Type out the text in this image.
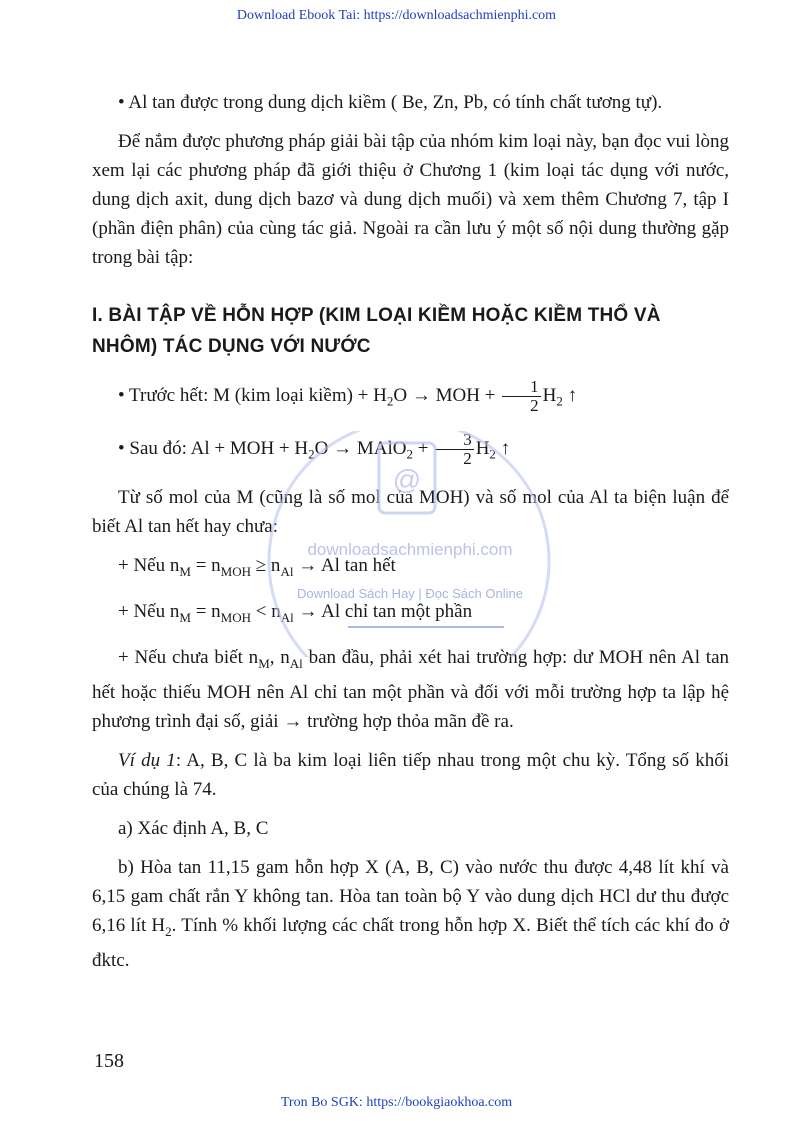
Download Ebook Tai: https://downloadsachmienphi.com

• Al tan được trong dung dịch kiềm ( Be, Zn, Pb, có tính chất tương tự).

Để nắm được phương pháp giải bài tập của nhóm kim loại này, bạn đọc vui lòng xem lại các phương pháp đã giới thiệu ở Chương 1 (kim loại tác dụng với nước, dung dịch axit, dung dịch bazơ và dung dịch muối) và xem thêm Chương 7, tập I (phần điện phân) của cùng tác giả. Ngoài ra cần lưu ý một số nội dung thường gặp trong bài tập:

I. BÀI TẬP VỀ HỖN HỢP (KIM LOẠI KIỀM HOẶC KIỀM THỔ VÀ NHÔM) TÁC DỤNG VỚI NƯỚC

• Trước hết: M (kim loại kiềm) + $H_2O$ → MOH + $\frac{1}{2} H_2$ ↑

• Sau đó: Al + MOH + $H_2O$ → MAlO$_2$ + $\frac{3}{2} H_2$ ↑

Từ số mol của M (cũng là số mol của MOH) và số mol của Al ta biện luận để biết Al tan hết hay chưa:

+ Nếu $n_M = n_{MOH} \ge n_{Al} \to Al$ tan hết

+ Nếu $n_M = n_{MOH} < n_{Al} \to Al$ chỉ tan một phần

+ Nếu chưa biết $n_M$, $n_{Al}$ ban đầu, phải xét hai trường hợp: dư MOH nên Al tan hết hoặc thiếu MOH nên Al chỉ tan một phần và đối với mỗi trường hợp ta lập hệ phương trình đại số, giải → trường hợp thỏa mãn đề ra.

Ví dụ 1: A, B, C là ba kim loại liên tiếp nhau trong một chu kỳ. Tổng số khối của chúng là 74.

a) Xác định A, B, C

b) Hòa tan 11,15 gam hỗn hợp X (A, B, C) vào nước thu được 4,48 lít khí và 6,15 gam chất rắn Y không tan. Hòa tan toàn bộ Y vào dung dịch HCl dư thu được 6,16 lít $H_2$. Tính % khối lượng các chất trong hỗn hợp X. Biết thể tích các khí đo ở đktc.

@
downloadsachmienphi.com
Download Sách Hay | Đọc Sách Online
158
Tron Bo SGK: https://bookgiaokhoa.com
